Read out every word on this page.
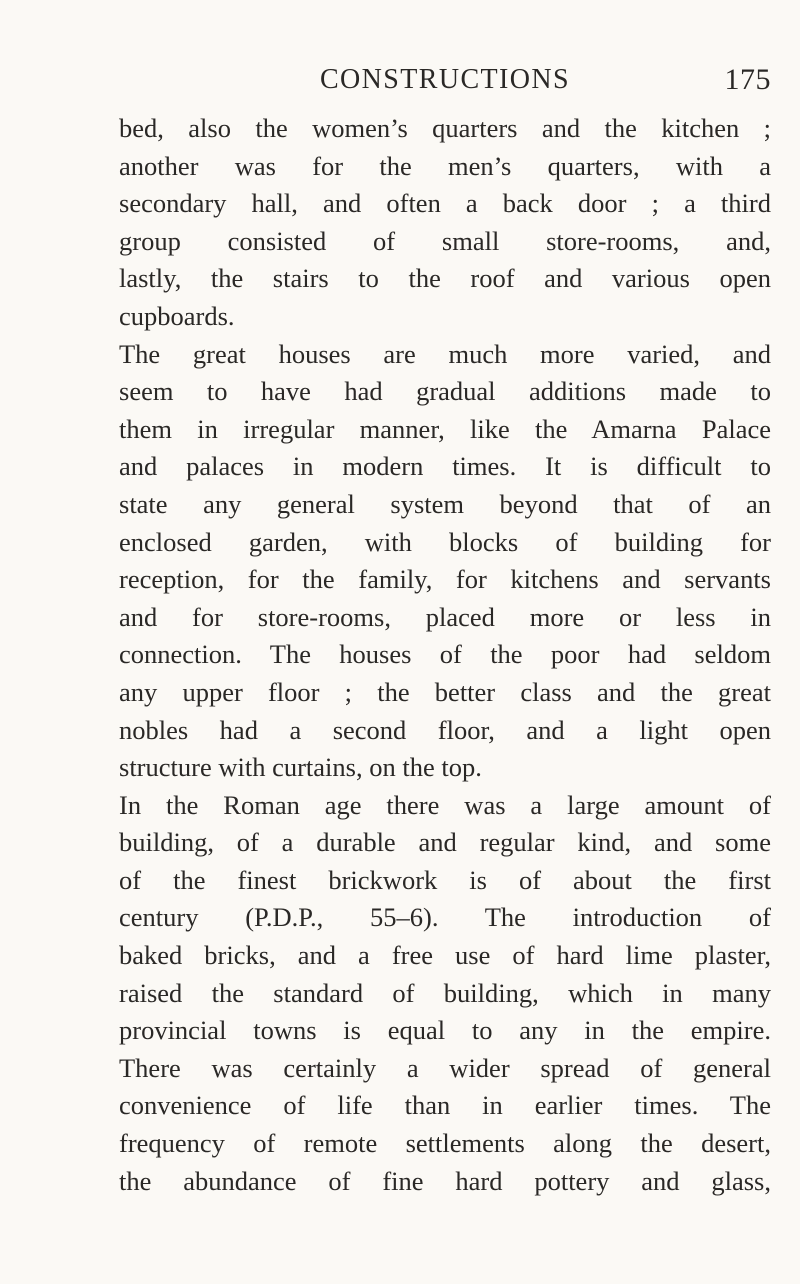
CONSTRUCTIONS	175
bed, also the women’s quarters and the kitchen ;
another was for the men’s quarters, with a
secondary hall, and often a back door ; a third
group consisted of small store-rooms, and,
lastly, the stairs to the roof and various open
cupboards.
The great houses are much more varied, and
seem to have had gradual additions made to
them in irregular manner, like the Amarna Palace
and palaces in modern times. It is difficult to
state any general system beyond that of an
enclosed garden, with blocks of building for
reception, for the family, for kitchens and servants
and for store-rooms, placed more or less in
connection. The houses of the poor had seldom
any upper floor ; the better class and the great
nobles had a second floor, and a light open
structure with curtains, on the top.
In the Roman age there was a large amount of
building, of a durable and regular kind, and some
of the finest brickwork is of about the first
century (P.D.P., 55–6). The introduction of
baked bricks, and a free use of hard lime plaster,
raised the standard of building, which in many
provincial towns is equal to any in the empire.
There was certainly a wider spread of general
convenience of life than in earlier times. The
frequency of remote settlements along the desert,
the abundance of fine hard pottery and glass,
